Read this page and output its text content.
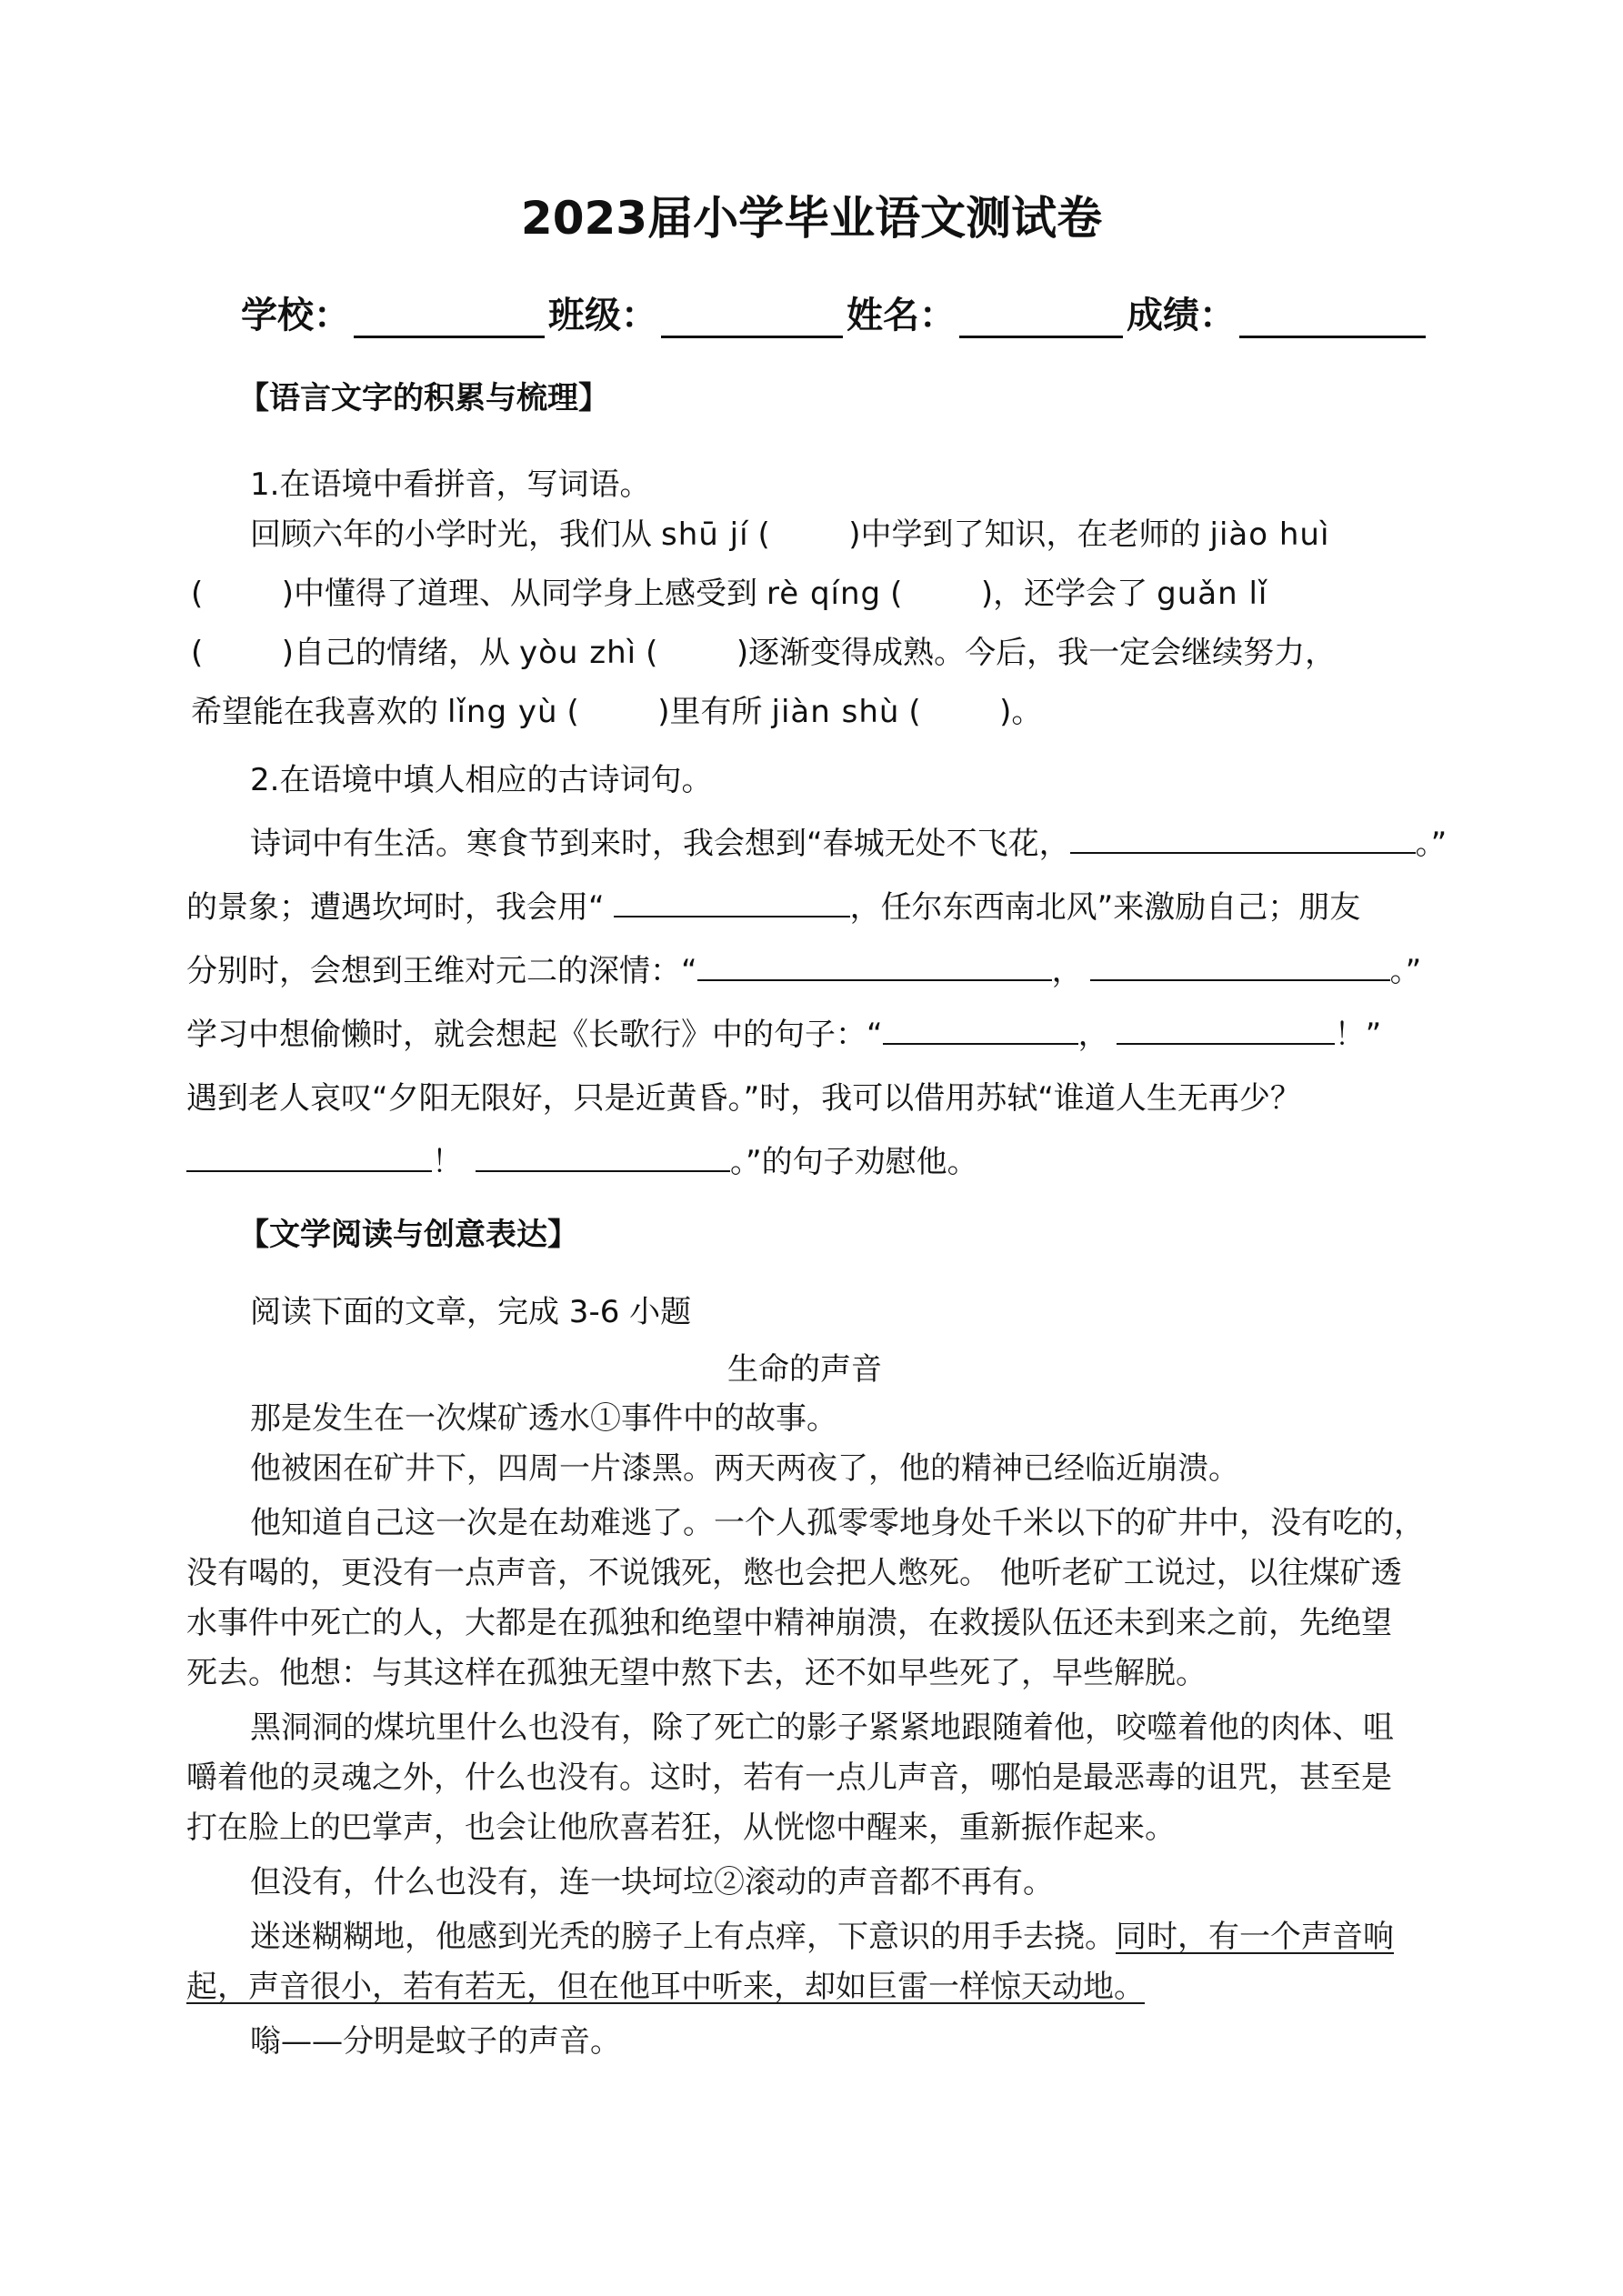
2023届小学毕业语文测试卷
学校：	班级：	姓名：	成绩：
【语言文字的积累与梳理】
1.在语境中看拼音，写词语。
回顾六年的小学时光，我们从 shū jí (        )中学到了知识，在老师的 jiào huì
(        )中懂得了道理、从同学身上感受到 rè qíng (        )，还学会了 guǎn lǐ
(        )自己的情绪，从 yòu zhì (        )逐渐变得成熟。今后，我一定会继续努力，
希望能在我喜欢的 lǐng yù (        )里有所 jiàn shù (        )。
2.在语境中填人相应的古诗词句。
诗词中有生活。寒食节到来时，我会想到“春城无处不飞花，	。”
的景象；遭遇坎坷时，我会用“	，任尔东西南北风”来激励自己；朋友
分别时，会想到王维对元二的深情：“	，	。”
学习中想偷懒时，就会想起《长歌行》中的句子：“	，	！”
遇到老人哀叹“夕阳无限好，只是近黄昏。”时，我可以借用苏轼“谁道人生无再少？
！	。”的句子劝慰他。
【文学阅读与创意表达】
阅读下面的文章，完成 3-6 小题
生命的声音
那是发生在一次煤矿透水①事件中的故事。
他被困在矿井下，四周一片漆黑。两天两夜了，他的精神已经临近崩溃。
他知道自己这一次是在劫难逃了。一个人孤零零地身处千米以下的矿井中，没有吃的，
没有喝的，更没有一点声音，不说饿死，憋也会把人憋死。 他听老矿工说过，以往煤矿透
水事件中死亡的人，大都是在孤独和绝望中精神崩溃，在救援队伍还未到来之前，先绝望
死去。他想：与其这样在孤独无望中熬下去，还不如早些死了，早些解脱。
黑洞洞的煤坑里什么也没有，除了死亡的影子紧紧地跟随着他，咬噬着他的肉体、咀
嚼着他的灵魂之外，什么也没有。这时，若有一点儿声音，哪怕是最恶毒的诅咒，甚至是
打在脸上的巴掌声，也会让他欣喜若狂，从恍惚中醒来，重新振作起来。
但没有，什么也没有，连一块坷垃②滚动的声音都不再有。
迷迷糊糊地，他感到光秃的膀子上有点痒，下意识的用手去挠。同时，有一个声音响
起，声音很小，若有若无，但在他耳中听来，却如巨雷一样惊天动地。
嗡——分明是蚊子的声音。
